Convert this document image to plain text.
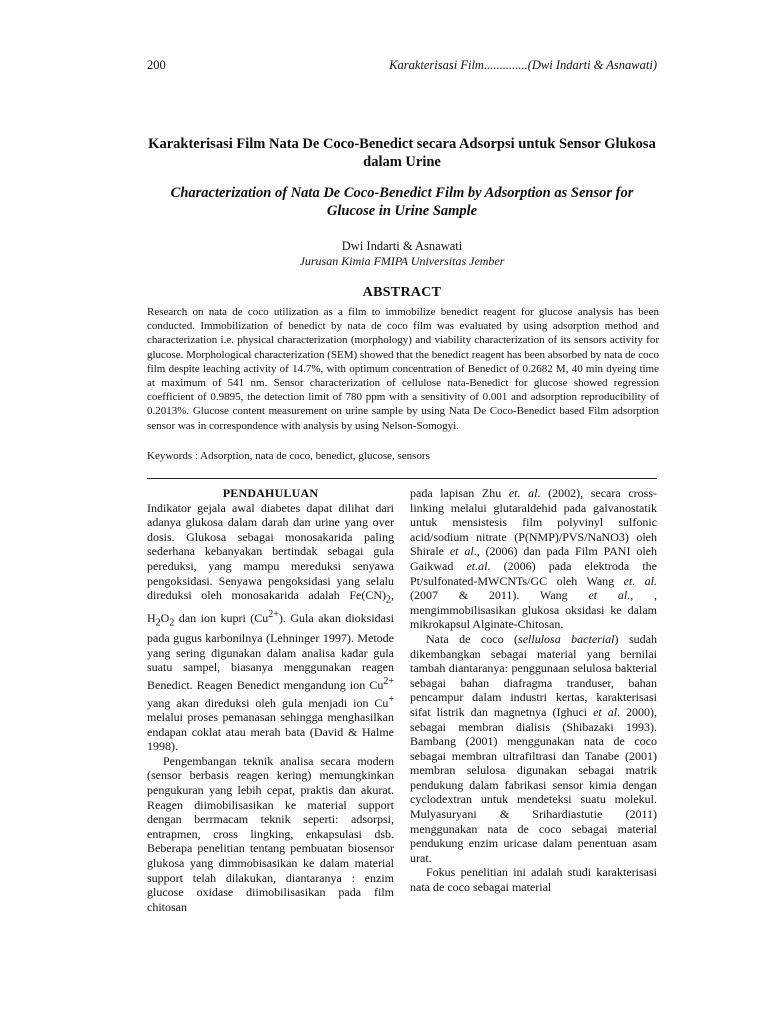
200	Karakterisasi Film..............(Dwi Indarti & Asnawati)

Karakterisasi Film Nata De Coco-Benedict secara Adsorpsi untuk Sensor Glukosa dalam Urine

Characterization of Nata De Coco-Benedict Film by Adsorption as Sensor for Glucose in Urine Sample

Dwi Indarti & Asnawati

Jurusan Kimia FMIPA Universitas Jember

ABSTRACT

Research on nata de coco utilization as a film to immobilize benedict reagent for glucose analysis has been conducted. Immobilization of benedict by nata de coco film was evaluated by using adsorption method and characterization i.e. physical characterization (morphology) and viability characterization of its sensors activity for glucose. Morphological characterization (SEM) showed that the benedict reagent has been absorbed by nata de coco film despite leaching activity of 14.7%, with optimum concentration of Benedict of 0.2682 M, 40 min dyeing time at maximum of 541 nm. Sensor characterization of cellulose nata-Benedict for glucose showed regression coefficient of 0.9895, the detection limit of 780 ppm with a sensitivity of 0.001 and adsorption reproducibility of 0.2013%. Glucose content measurement on urine sample by using Nata De Coco-Benedict based Film adsorption sensor was in correspondence with analysis by using Nelson-Somogyi.

Keywords : Adsorption, nata de coco, benedict, glucose, sensors

PENDAHULUAN

Indikator gejala awal diabetes dapat dilihat dari adanya glukosa dalam darah dan urine yang over dosis. Glukosa sebagai monosakarida paling sederhana kebanyakan bertindak sebagai gula pereduksi, yang mampu mereduksi senyawa pengoksidasi. Senyawa pengoksidasi yang selalu direduksi oleh monosakarida adalah $Fe(CN)_2$, $H_2O_2$ dan ion kupri $(Cu^{2+})$. Gula akan dioksidasi pada gugus karbonilnya (Lehninger 1997). Metode yang sering digunakan dalam analisa kadar gula suatu sampel, biasanya menggunakan reagen Benedict. Reagen Benedict mengandung ion $Cu^{2+}$ yang akan direduksi oleh gula menjadi ion Cu+ melalui proses pemanasan sehingga menghasilkan endapan coklat atau merah bata (David & Halme 1998).

Pengembangan teknik analisa secara modern (sensor berbasis reagen kering) memungkinkan pengukuran yang lebih cepat, praktis dan akurat. Reagen diimobilisasikan ke material support dengan berrmacam teknik seperti: adsorpsi, entrapmen, cross lingking, enkapsulasi dsb. Beberapa penelitian tentang pembuatan biosensor glukosa yang dimmobisasikan ke dalam material support telah dilakukan, diantaranya : enzim glucose oxidase diimobilisasikan pada film chitosan

pada lapisan Zhu et. al. (2002), secara cross-linking melalui glutaraldehid pada galvanostatik untuk mensistesis film polyvinyl sulfonic acid/sodium nitrate (P(NMP)/PVS/NaNO3) oleh Shirale et al., (2006) dan pada Film PANI oleh Gaikwad et.al. (2006) pada elektroda the Pt/sulfonated-MWCNTs/GC oleh Wang et. al. (2007 & 2011). Wang et al., , mengimmobilisasikan glukosa oksidasi ke dalam mikrokapsul Alginate-Chitosan.

Nata de coco (sellulosa bacterial) sudah dikembangkan sebagai material yang bernilai tambah diantaranya: penggunaan selulosa bakterial sebagai bahan diafragma tranduser, bahan pencampur dalam industri kertas, karakterisasi sifat listrik dan magnetnya (Ighuci et al. 2000), sebagai membran dialisis (Shibazaki 1993). Bambang (2001) menggunakan nata de coco sebagai membran ultrafiltrasi dan Tanabe (2001) membran selulosa digunakan sebagai matrik pendukung dalam fabrikasi sensor kimia dengan cyclodextran untuk mendeteksi suatu molekul. Mulyasuryani & Srihardiastutie (2011) menggunakan nata de coco sebagai material pendukung enzim uricase dalam penentuan asam urat.

Fokus penelitian ini adalah studi karakterisasi nata de coco sebagai material
